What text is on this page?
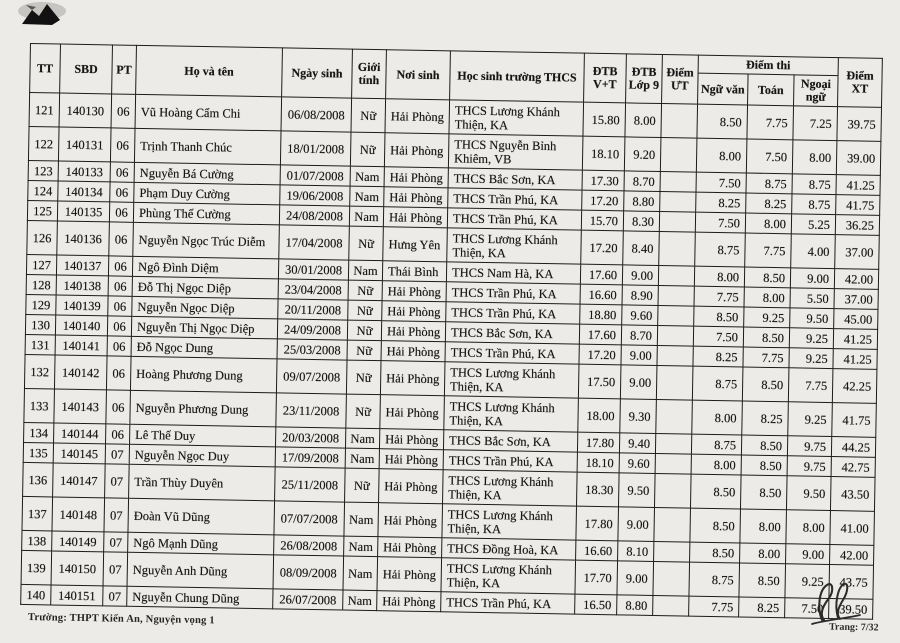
TT	SBD	PT	Họ và tên	Ngày sinh	Giới tính	Nơi sinh	Học sinh trường THCS	ĐTB V+T	ĐTB Lớp 9	Điểm ƯT	Điểm thi			Điểm XT
											Ngữ văn	Toán	Ngoại ngữ	
121	140130	06	Vũ Hoàng Cẩm Chi	06/08/2008	Nữ	Hải Phòng	THCS Lương Khánh Thiện, KA	15.80	8.00		8.50	7.75	7.25	39.75
122	140131	06	Trịnh Thanh Chúc	18/01/2008	Nữ	Hải Phòng	THCS Nguyễn Bỉnh Khiêm, VB	18.10	9.20		8.00	7.50	8.00	39.00
123	140133	06	Nguyễn Bá Cường	01/07/2008	Nam	Hải Phòng	THCS Bắc Sơn, KA	17.30	8.70		7.50	8.75	8.75	41.25
124	140134	06	Phạm Duy Cường	19/06/2008	Nam	Hải Phòng	THCS Trần Phú, KA	17.20	8.80		8.25	8.25	8.75	41.75
125	140135	06	Phùng Thế Cường	24/08/2008	Nam	Hải Phòng	THCS Trần Phú, KA	15.70	8.30		7.50	8.00	5.25	36.25
126	140136	06	Nguyễn Ngọc Trúc Diễm	17/04/2008	Nữ	Hưng Yên	THCS Lương Khánh Thiện, KA	17.20	8.40		8.75	7.75	4.00	37.00
127	140137	06	Ngô Đình Diệm	30/01/2008	Nam	Thái Bình	THCS Nam Hà, KA	17.60	9.00		8.00	8.50	9.00	42.00
128	140138	06	Đỗ Thị Ngọc Diệp	23/04/2008	Nữ	Hải Phòng	THCS Trần Phú, KA	16.60	8.90		7.75	8.00	5.50	37.00
129	140139	06	Nguyễn Ngọc Diệp	20/11/2008	Nữ	Hải Phòng	THCS Trần Phú, KA	18.80	9.60		8.50	9.25	9.50	45.00
130	140140	06	Nguyễn Thị Ngọc Diệp	24/09/2008	Nữ	Hải Phòng	THCS Bắc Sơn, KA	17.60	8.70		7.50	8.50	9.25	41.25
131	140141	06	Đỗ Ngọc Dung	25/03/2008	Nữ	Hải Phòng	THCS Trần Phú, KA	17.20	9.00		8.25	7.75	9.25	41.25
132	140142	06	Hoàng Phương Dung	09/07/2008	Nữ	Hải Phòng	THCS Lương Khánh Thiện, KA	17.50	9.00		8.75	8.50	7.75	42.25
133	140143	06	Nguyễn Phương Dung	23/11/2008	Nữ	Hải Phòng	THCS Lương Khánh Thiện, KA	18.00	9.30		8.00	8.25	9.25	41.75
134	140144	06	Lê Thế Duy	20/03/2008	Nam	Hải Phòng	THCS Bắc Sơn, KA	17.80	9.40		8.75	8.50	9.75	44.25
135	140145	07	Nguyễn Ngọc Duy	17/09/2008	Nam	Hải Phòng	THCS Trần Phú, KA	18.10	9.60		8.00	8.50	9.75	42.75
136	140147	07	Trần Thùy Duyên	25/11/2008	Nữ	Hải Phòng	THCS Lương Khánh Thiện, KA	18.30	9.50		8.50	8.50	9.50	43.50
137	140148	07	Đoàn Vũ Dũng	07/07/2008	Nam	Hải Phòng	THCS Lương Khánh Thiện, KA	17.80	9.00		8.50	8.00	8.00	41.00
138	140149	07	Ngô Mạnh Dũng	26/08/2008	Nam	Hải Phòng	THCS Đồng Hoà, KA	16.60	8.10		8.50	8.00	9.00	42.00
139	140150	07	Nguyễn Anh Dũng	08/09/2008	Nam	Hải Phòng	THCS Lương Khánh Thiện, KA	17.70	9.00		8.75	8.50	9.25	43.75
140	140151	07	Nguyễn Chung Dũng	26/07/2008	Nam	Hải Phòng	THCS Trần Phú, KA	16.50	8.80		7.75	8.25	7.50	39.50
Trường: THPT Kiến An, Nguyện vọng 1
Trang: 7/32
